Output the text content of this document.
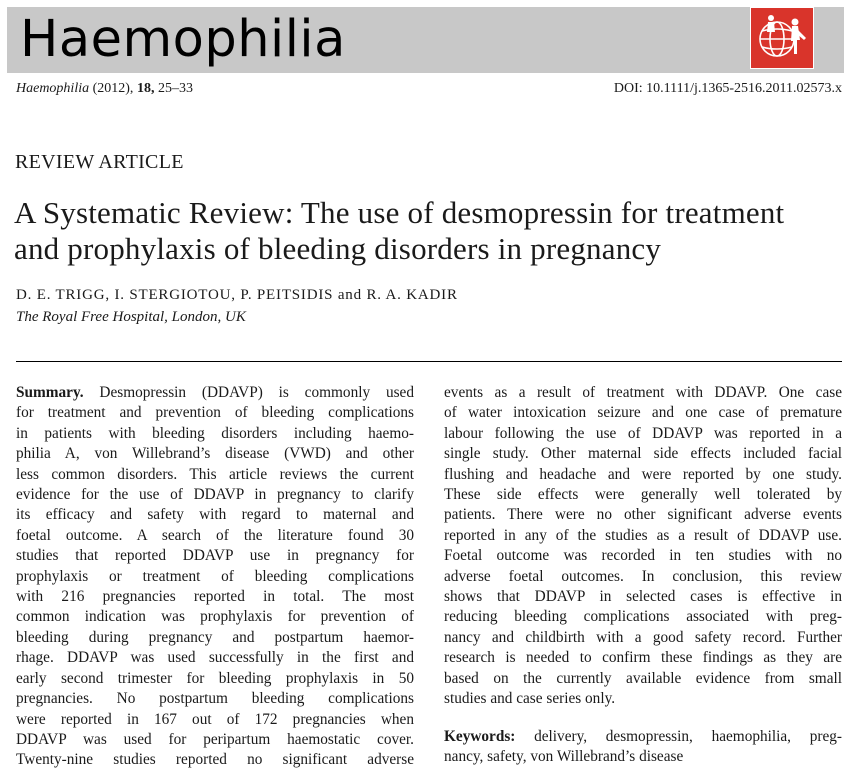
Haemophilia
Haemophilia (2012), 18, 25–33	DOI: 10.1111/j.1365-2516.2011.02573.x
REVIEW ARTICLE
A Systematic Review: The use of desmopressin for treatment
and prophylaxis of bleeding disorders in pregnancy
D. E. TRIGG, I. STERGIOTOU, P. PEITSIDIS and R. A. KADIR
The Royal Free Hospital, London, UK
Summary. Desmopressin (DDAVP) is commonly used
for treatment and prevention of bleeding complications
in patients with bleeding disorders including haemo-
philia A, von Willebrand’s disease (VWD) and other
less common disorders. This article reviews the current
evidence for the use of DDAVP in pregnancy to clarify
its efficacy and safety with regard to maternal and
foetal outcome. A search of the literature found 30
studies that reported DDAVP use in pregnancy for
prophylaxis or treatment of bleeding complications
with 216 pregnancies reported in total. The most
common indication was prophylaxis for prevention of
bleeding during pregnancy and postpartum haemor-
rhage. DDAVP was used successfully in the first and
early second trimester for bleeding prophylaxis in 50
pregnancies. No postpartum bleeding complications
were reported in 167 out of 172 pregnancies when
DDAVP was used for peripartum haemostatic cover.
Twenty-nine studies reported no significant adverse
events as a result of treatment with DDAVP. One case
of water intoxication seizure and one case of premature
labour following the use of DDAVP was reported in a
single study. Other maternal side effects included facial
flushing and headache and were reported by one study.
These side effects were generally well tolerated by
patients. There were no other significant adverse events
reported in any of the studies as a result of DDAVP use.
Foetal outcome was recorded in ten studies with no
adverse foetal outcomes. In conclusion, this review
shows that DDAVP in selected cases is effective in
reducing bleeding complications associated with preg-
nancy and childbirth with a good safety record. Further
research is needed to confirm these findings as they are
based on the currently available evidence from small
studies and case series only.
Keywords: delivery, desmopressin, haemophilia, preg-
nancy, safety, von Willebrand’s disease
